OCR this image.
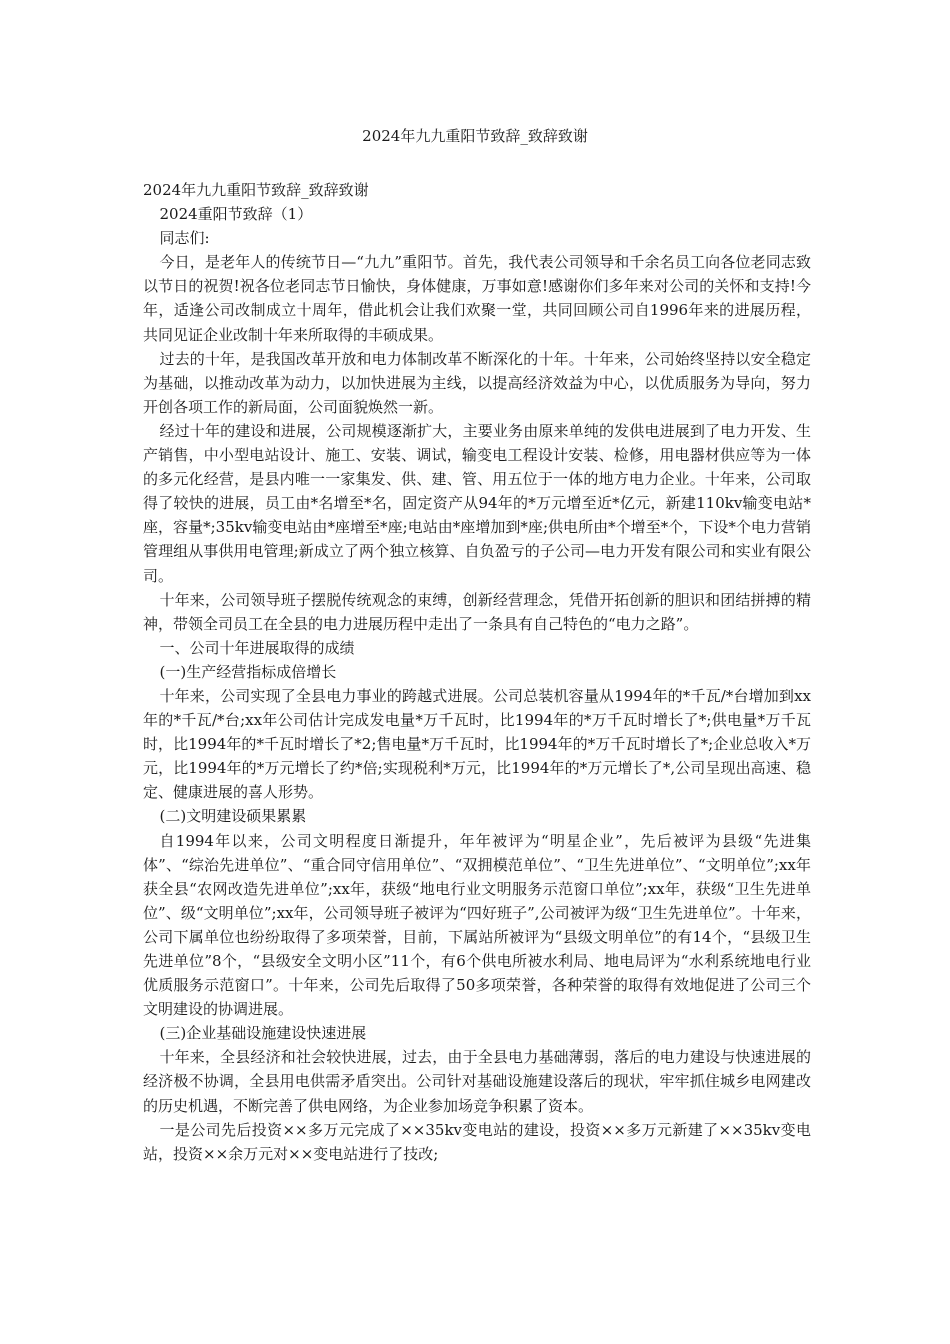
2024年九九重阳节致辞_致辞致谢

2024年九九重阳节致辞_致辞致谢

2024重阳节致辞（1）

同志们:

今日，是老年人的传统节日—“九九”重阳节。首先，我代表公司领导和千余名员工向各位老同志致以节日的祝贺!祝各位老同志节日愉快，身体健康，万事如意!感谢你们多年来对公司的关怀和支持!今年，适逢公司改制成立十周年，借此机会让我们欢聚一堂，共同回顾公司自1996年来的进展历程，共同见证企业改制十年来所取得的丰硕成果。

过去的十年，是我国改革开放和电力体制改革不断深化的十年。十年来，公司始终坚持以安全稳定为基础，以推动改革为动力，以加快进展为主线，以提高经济效益为中心，以优质服务为导向，努力开创各项工作的新局面，公司面貌焕然一新。

经过十年的建设和进展，公司规模逐渐扩大，主要业务由原来单纯的发供电进展到了电力开发、生产销售，中小型电站设计、施工、安装、调试，输变电工程设计安装、检修，用电器材供应等为一体的多元化经营，是县内唯一一家集发、供、建、管、用五位于一体的地方电力企业。十年来，公司取得了较快的进展，员工由*名增至*名，固定资产从94年的*万元增至近*亿元，新建110kv输变电站*座，容量*;35kv输变电站由*座增至*座;电站由*座增加到*座;供电所由*个增至*个，下设*个电力营销管理组从事供用电管理;新成立了两个独立核算、自负盈亏的子公司—电力开发有限公司和实业有限公司。

十年来，公司领导班子摆脱传统观念的束缚，创新经营理念，凭借开拓创新的胆识和团结拼搏的精神，带领全司员工在全县的电力进展历程中走出了一条具有自己特色的“电力之路”。

一、公司十年进展取得的成绩

(一)生产经营指标成倍增长

十年来，公司实现了全县电力事业的跨越式进展。公司总装机容量从1994年的*千瓦/*台增加到xx年的*千瓦/*台;xx年公司估计完成发电量*万千瓦时，比1994年的*万千瓦时增长了*;供电量*万千瓦时，比1994年的*千瓦时增长了*2;售电量*万千瓦时，比1994年的*万千瓦时增长了*;企业总收入*万元，比1994年的*万元增长了约*倍;实现税利*万元，比1994年的*万元增长了*,公司呈现出高速、稳定、健康进展的喜人形势。

(二)文明建设硕果累累

自1994年以来，公司文明程度日渐提升，年年被评为“明星企业”，先后被评为县级“先进集体”、“综治先进单位”、“重合同守信用单位”、“双拥模范单位”、“卫生先进单位”、“文明单位”;xx年获全县“农网改造先进单位”;xx年，获级“地电行业文明服务示范窗口单位”;xx年，获级“卫生先进单位”、级“文明单位”;xx年，公司领导班子被评为“四好班子”,公司被评为级“卫生先进单位”。十年来，公司下属单位也纷纷取得了多项荣誉，目前，下属站所被评为“县级文明单位”的有14个，“县级卫生先进单位”8个，“县级安全文明小区”11个，有6个供电所被水利局、地电局评为“水利系统地电行业优质服务示范窗口”。十年来，公司先后取得了50多项荣誉，各种荣誉的取得有效地促进了公司三个文明建设的协调进展。

(三)企业基础设施建设快速进展

十年来，全县经济和社会较快进展，过去，由于全县电力基础薄弱，落后的电力建设与快速进展的经济极不协调，全县用电供需矛盾突出。公司针对基础设施建设落后的现状，牢牢抓住城乡电网建改的历史机遇，不断完善了供电网络，为企业参加场竞争积累了资本。

一是公司先后投资××多万元完成了××35kv变电站的建设，投资××多万元新建了××35kv变电站，投资××余万元对××变电站进行了技改;
